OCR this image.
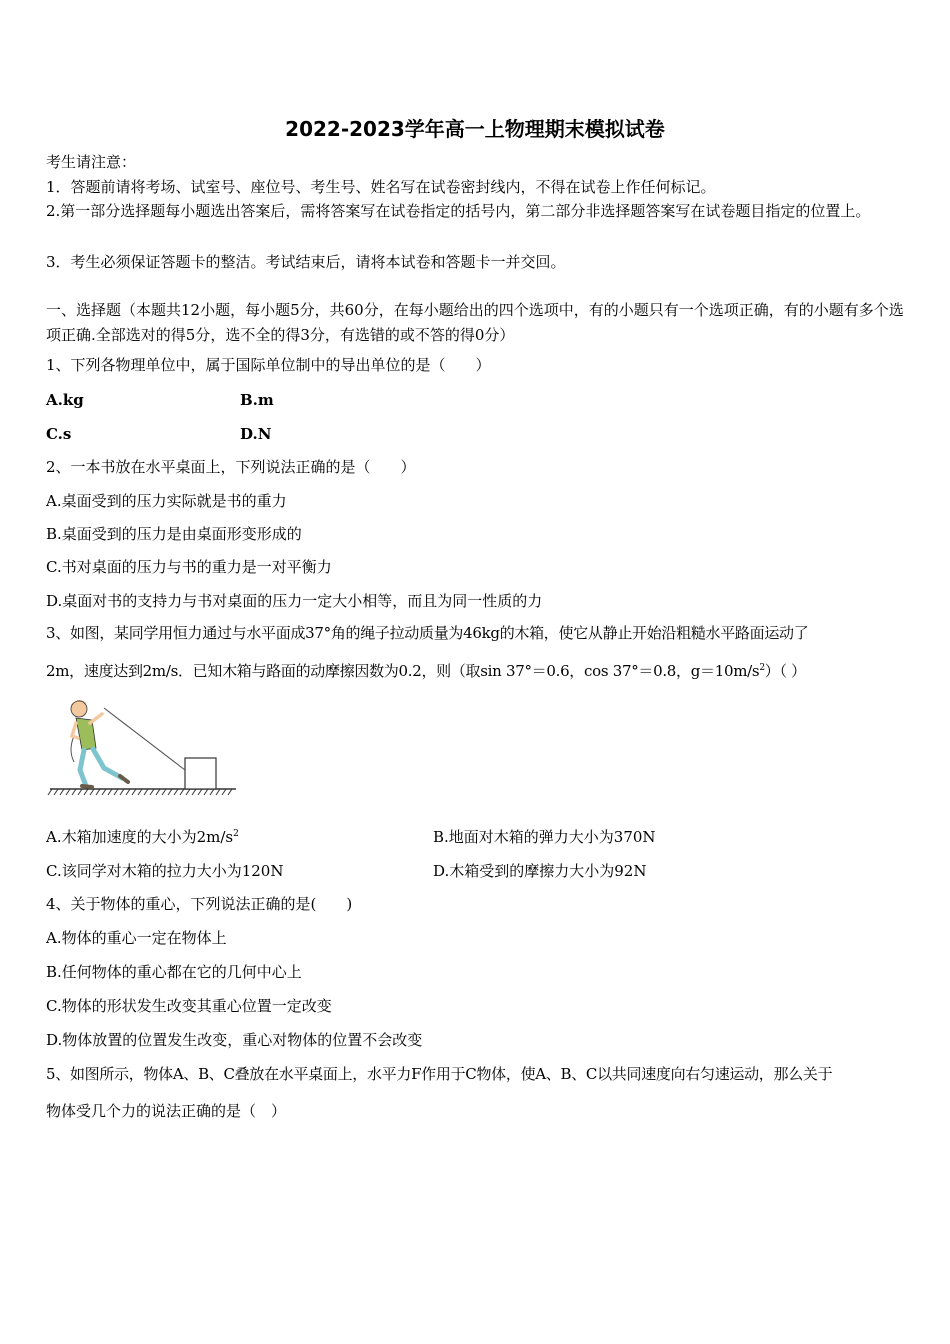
2022-2023学年高一上物理期末模拟试卷
考生请注意：
1．答题前请将考场、试室号、座位号、考生号、姓名写在试卷密封线内，不得在试卷上作任何标记。
2.第一部分选择题每小题选出答案后，需将答案写在试卷指定的括号内，第二部分非选择题答案写在试卷题目指定的位置上。
3．考生必须保证答题卡的整洁。考试结束后，请将本试卷和答题卡一并交回。
一、选择题（本题共12小题，每小题5分，共60分，在每小题给出的四个选项中，有的小题只有一个选项正确，有的小题有多个选项正确.全部选对的得5分，选不全的得3分，有选错的或不答的得0分）
1、下列各物理单位中，属于国际单位制中的导出单位的是（　　）
A.kg	B.m
C.s	D.N
2、一本书放在水平桌面上，下列说法正确的是（　　）
A.桌面受到的压力实际就是书的重力
B.桌面受到的压力是由桌面形变形成的
C.书对桌面的压力与书的重力是一对平衡力
D.桌面对书的支持力与书对桌面的压力一定大小相等，而且为同一性质的力
3、如图，某同学用恒力通过与水平面成37°角的绳子拉动质量为46kg的木箱，使它从静止开始沿粗糙水平路面运动了
2m，速度达到2m/s．已知木箱与路面的动摩擦因数为0.2，则（取sin 37°＝0.6，cos 37°＝0.8，$g=10m/s^2$）（ ）
A.木箱加速度的大小为$2m/s^2$	B.地面对木箱的弹力大小为370N
C.该同学对木箱的拉力大小为120N	D.木箱受到的摩擦力大小为92N
4、关于物体的重心，下列说法正确的是(　　)
A.物体的重心一定在物体上
B.任何物体的重心都在它的几何中心上
C.物体的形状发生改变其重心位置一定改变
D.物体放置的位置发生改变，重心对物体的位置不会改变
5、如图所示，物体A、B、C叠放在水平桌面上，水平力F作用于C物体，使A、B、C以共同速度向右匀速运动，那么关于
物体受几个力的说法正确的是（　）
